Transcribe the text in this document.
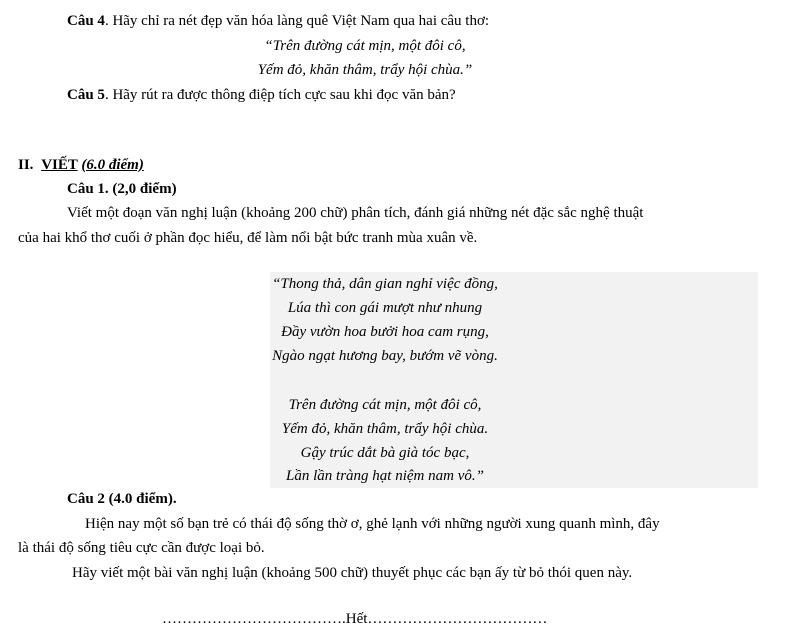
Câu 4. Hãy chỉ ra nét đẹp văn hóa làng quê Việt Nam qua hai câu thơ:
“Trên đường cát mịn, một đôi cô,
Yếm đỏ, khăn thâm, trẩy hội chùa.”
Câu 5. Hãy rút ra được thông điệp tích cực sau khi đọc văn bản?
II. VIẾT (6.0 điểm)
Câu 1. (2,0 điểm)
Viết một đoạn văn nghị luận (khoảng 200 chữ) phân tích, đánh giá những nét đặc sắc nghệ thuật
của hai khổ thơ cuối ở phần đọc hiểu, để làm nổi bật bức tranh mùa xuân về.
“Thong thả, dân gian nghỉ việc đồng,
Lúa thì con gái mượt như nhung
Đầy vườn hoa bưởi hoa cam rụng,
Ngào ngạt hương bay, bướm vẽ vòng.
Trên đường cát mịn, một đôi cô,
Yếm đỏ, khăn thâm, trẩy hội chùa.
Gậy trúc dắt bà già tóc bạc,
Lần lần tràng hạt niệm nam vô.”
Câu 2 (4.0 điểm).
Hiện nay một số bạn trẻ có thái độ sống thờ ơ, ghẻ lạnh với những người xung quanh mình, đây
là thái độ sống tiêu cực cần được loại bỏ.
Hãy viết một bài văn nghị luận (khoảng 500 chữ) thuyết phục các bạn ấy từ bỏ thói quen này.
……………………………….Hết………………………………
